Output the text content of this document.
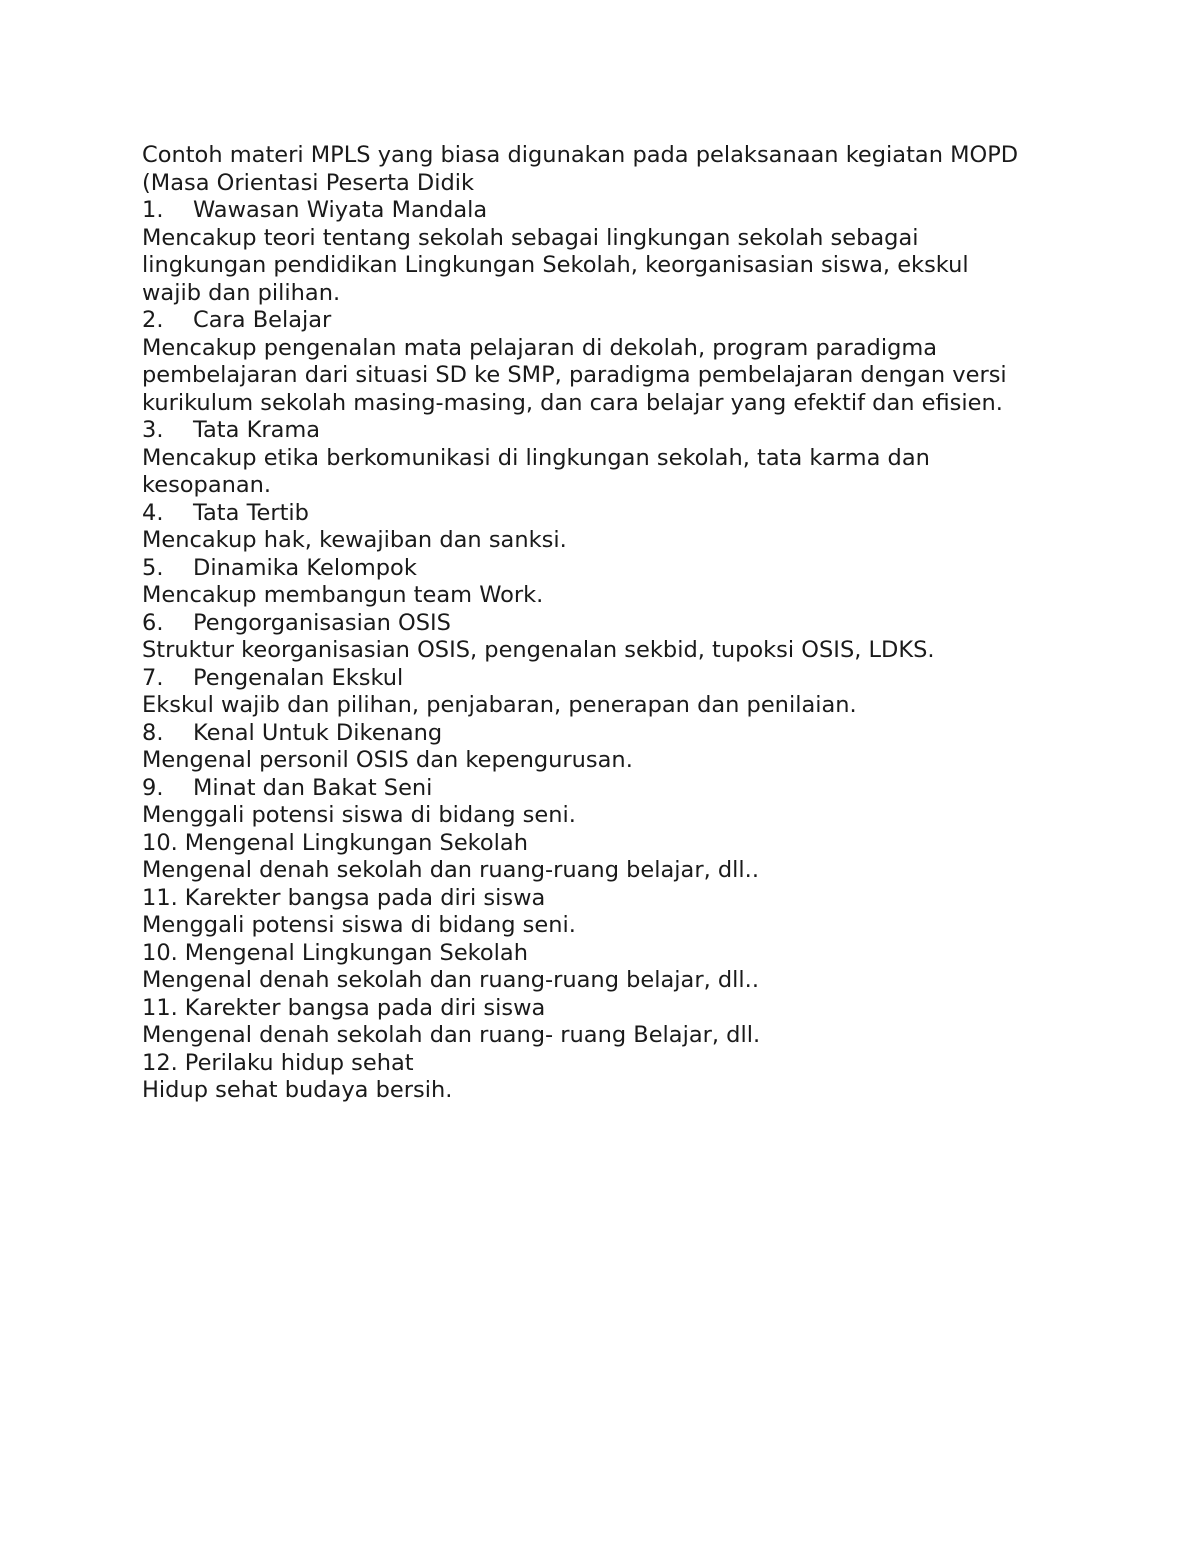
Contoh materi MPLS yang biasa digunakan pada pelaksanaan kegiatan MOPD
(Masa Orientasi Peserta Didik
1. Wawasan Wiyata Mandala
Mencakup teori tentang sekolah sebagai lingkungan sekolah sebagai
lingkungan pendidikan Lingkungan Sekolah, keorganisasian siswa, ekskul
wajib dan pilihan.
2. Cara Belajar
Mencakup pengenalan mata pelajaran di dekolah, program paradigma
pembelajaran dari situasi SD ke SMP, paradigma pembelajaran dengan versi
kurikulum sekolah masing-masing, dan cara belajar yang efektif dan efisien.
3. Tata Krama
Mencakup etika berkomunikasi di lingkungan sekolah, tata karma dan
kesopanan.
4. Tata Tertib
Mencakup hak, kewajiban dan sanksi.
5. Dinamika Kelompok
Mencakup membangun team Work.
6. Pengorganisasian OSIS
Struktur keorganisasian OSIS, pengenalan sekbid, tupoksi OSIS, LDKS.
7. Pengenalan Ekskul
Ekskul wajib dan pilihan, penjabaran, penerapan dan penilaian.
8. Kenal Untuk Dikenang
Mengenal personil OSIS dan kepengurusan.
9. Minat dan Bakat Seni
Menggali potensi siswa di bidang seni.
10. Mengenal Lingkungan Sekolah
Mengenal denah sekolah dan ruang-ruang belajar, dll..
11. Karekter bangsa pada diri siswa
Menggali potensi siswa di bidang seni.
10. Mengenal Lingkungan Sekolah
Mengenal denah sekolah dan ruang-ruang belajar, dll..
11. Karekter bangsa pada diri siswa
Mengenal denah sekolah dan ruang- ruang Belajar, dll.
12. Perilaku hidup sehat
Hidup sehat budaya bersih.
